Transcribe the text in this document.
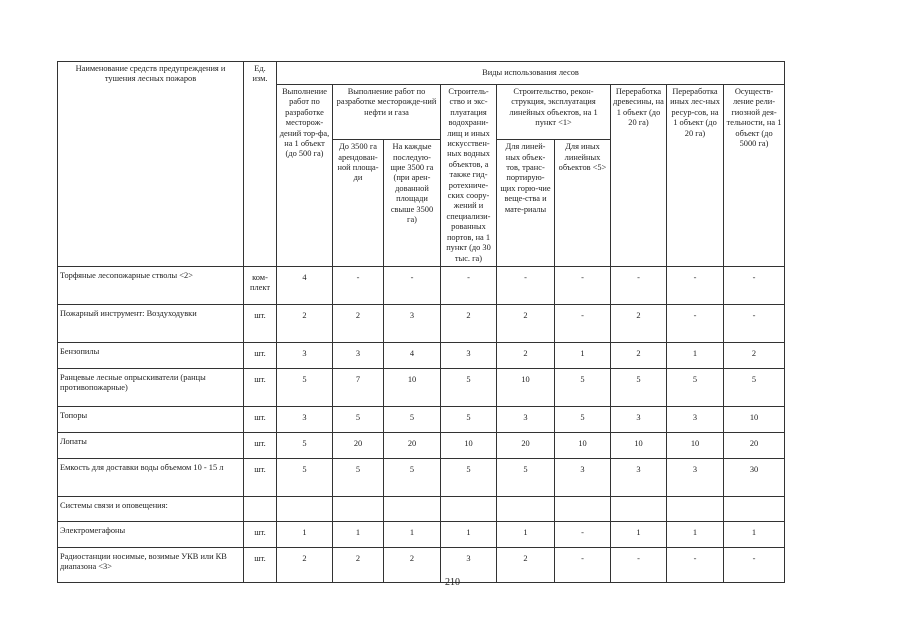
Наименование средств предупреждения и тушения лесных пожаров	Ед. изм.	Виды использования лесов								
		Выполнение работ по разработке месторож-дений тор-фа, на 1 объект (до 500 га)	Выполнение работ по разработке месторожде-ний нефти и газа		Строитель-ство и экс-плуатация водохрани-лищ и иных искусствен-ных водных объектов, а также гид-ротехниче-ских соору-жений и специализи-рованных портов, на 1 пункт (до 30 тыс. га)	Строительство, рекон-струкция, эксплуатация линейных объектов, на 1 пункт <1>		Переработка древесины, на 1 объект (до 20 га)	Переработка иных лес-ных ресур-сов, на 1 объект (до 20 га)	Осуществ-ление рели-гиозной дея-тельности, на 1 объект (до 5000 га)
			До 3500 га арендован-ной площа-ди	На каждые последую-щие 3500 га (при арен-дованной площади свыше 3500 га)		Для линей-ных объек-тов, транс-портирую-щих горю-чие веще-ства и мате-риалы	Для иных линейных объектов <5>			
Торфяные лесопожарные стволы <2>	ком-плект	4	-	-	-	-	-	-	-	-
Пожарный инструмент: Воздуходувки	шт.	2	2	3	2	2	-	2	-	-
Бензопилы	шт.	3	3	4	3	2	1	2	1	2
Ранцевые лесные опрыскиватели (ранцы противопожарные)	шт.	5	7	10	5	10	5	5	5	5
Топоры	шт.	3	5	5	5	3	5	3	3	10
Лопаты	шт.	5	20	20	10	20	10	10	10	20
Емкость для доставки воды объемом 10 - 15 л	шт.	5	5	5	5	5	3	3	3	30
Системы связи и оповещения:										
Электромегафоны	шт.	1	1	1	1	1	-	1	1	1
Радиостанции носимые, возимые УКВ или КВ диапазона <3>	шт.	2	2	2	3	2	-	-	-	-
210
